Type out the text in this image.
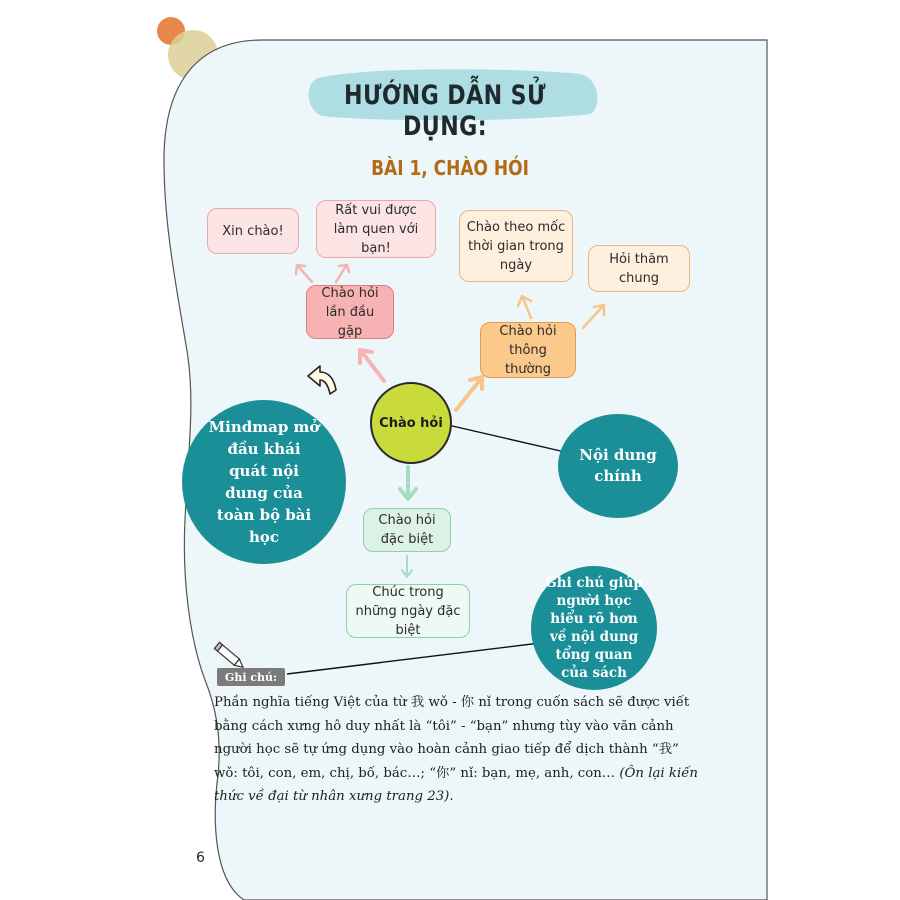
HƯỚNG DẪN SỬ DỤNG:
BÀI 1, CHÀO HỎI
Xin chào!
Rất vui được làm quen với bạn!
Chào hỏi lần đầu gặp
Chào theo mốc thời gian trong ngày	Hỏi thăm chung
Chào hỏi thông thường
Chào hỏi
Chào hỏi đặc biệt
Chúc trong những ngày đặc biệt
Mindmap mở đầu khái quát nội dung của toàn bộ bài học
Nội dung chính
Ghi chú giúp người học hiểu rõ hơn về nội dung tổng quan của sách
Ghi chú:
Phần nghĩa tiếng Việt của từ 我 wǒ - 你 nǐ trong cuốn sách sẽ được viết bằng cách xưng hô duy nhất là “tôi” - “bạn” nhưng tùy vào văn cảnh người học sẽ tự ứng dụng vào hoàn cảnh giao tiếp để dịch thành “我” wǒ: tôi, con, em, chị, bố, bác…; “你” nǐ: bạn, mẹ, anh, con… (Ôn lại kiến thức về đại từ nhân xưng trang 23).
6
